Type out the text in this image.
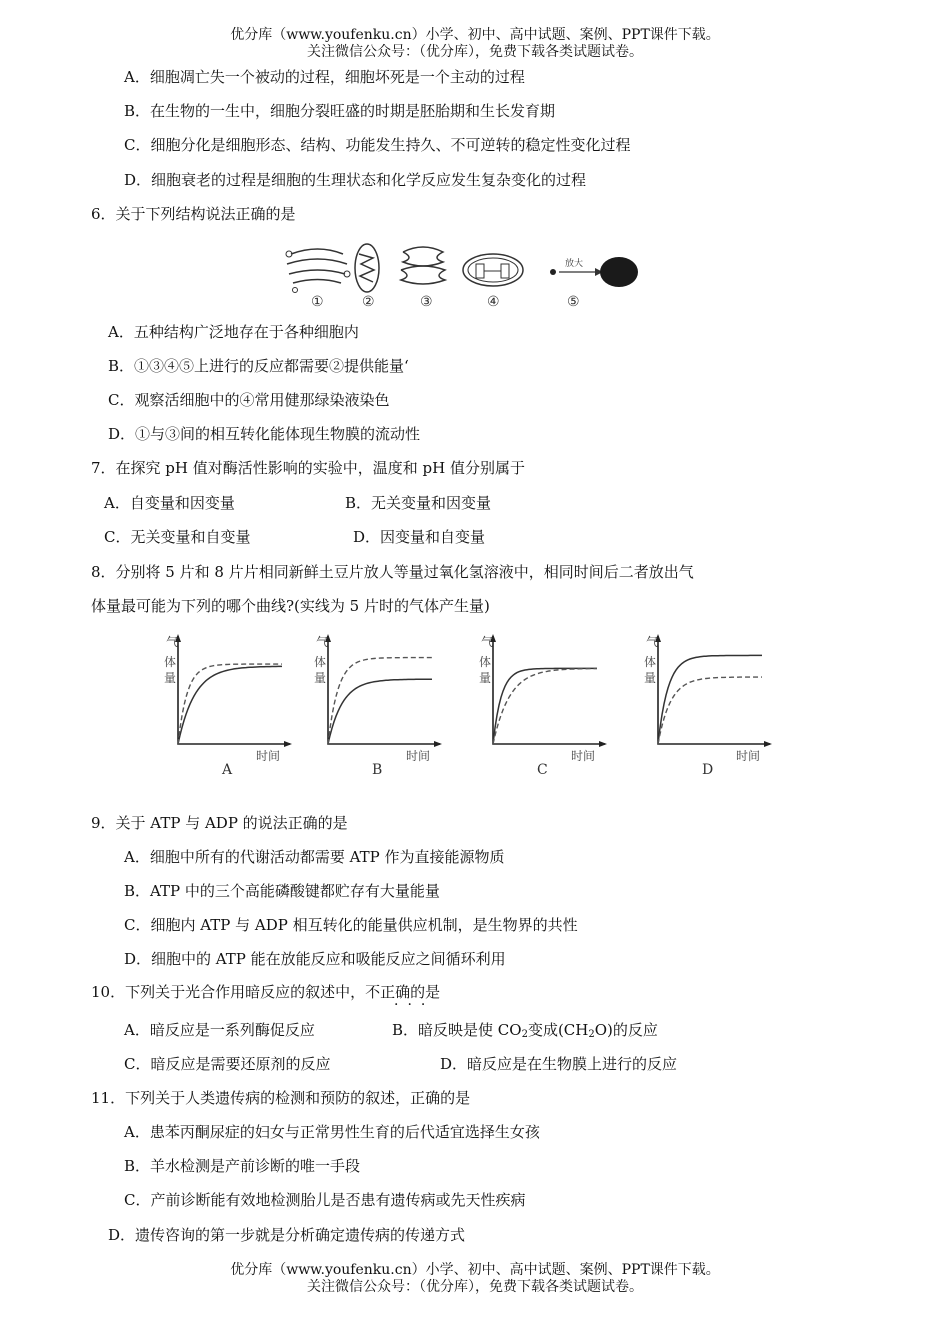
优分库（www.youfenku.cn）小学、初中、高中试题、案例、PPT课件下载。
关注微信公众号：（优分库），免费下载各类试题试卷。
A．细胞凋亡失一个被动的过程，细胞坏死是一个主动的过程
B．在生物的一生中，细胞分裂旺盛的时期是胚胎期和生长发育期
C．细胞分化是细胞形态、结构、功能发生持久、不可逆转的稳定性变化过程
D．细胞衰老的过程是细胞的生理状态和化学反应发生复杂变化的过程
6．关于下列结构说法正确的是
①	②	③	④
放大
⑤
A．五种结构广泛地存在于各种细胞内
B．①③④⑤上进行的反应都需要②提供能量‘
C．观察活细胞中的④常用健那绿染液染色
D．①与③间的相互转化能体现生物膜的流动性
7．在探究 pH 值对酶活性影响的实验中，温度和 pH 值分别属于
A．自变量和因变量	B．无关变量和因变量
C．无关变量和自变量	D．因变量和自变量
8．分别将 5 片和 8 片片相同新鲜土豆片放人等量过氧化氢溶液中，相同时间后二者放出气
体量最可能为下列的哪个曲线?(实线为 5 片时的气体产生量)
气
体
量
时间
A
气
体
量
时间
B
气
体
量
时间
C
气
体
量
时间
D
9．关于 ATP 与 ADP 的说法正确的是
A．细胞中所有的代谢活动都需要 ATP 作为直接能源物质
B．ATP 中的三个高能磷酸键都贮存有大量能量
C．细胞内 ATP 与 ADP 相互转化的能量供应机制，是生物界的共性
D．细胞中的 ATP 能在放能反应和吸能反应之间循环利用
10．下列关于光合作用暗反应的叙述中，不正确的是
···
A．暗反应是一系列酶促反应	B．暗反映是使 $CO_2$变成$(CH_2O)$的反应
C．暗反应是需要还原剂的反应	D．暗反应是在生物膜上进行的反应
11．下列关于人类遗传病的检测和预防的叙述，正确的是
A．患苯丙酮尿症的妇女与正常男性生育的后代适宜选择生女孩
B．羊水检测是产前诊断的唯一手段
C．产前诊断能有效地检测胎儿是否患有遗传病或先天性疾病
D．遗传咨询的第一步就是分析确定遗传病的传递方式
优分库（www.youfenku.cn）小学、初中、高中试题、案例、PPT课件下载。
关注微信公众号：（优分库），免费下载各类试题试卷。
